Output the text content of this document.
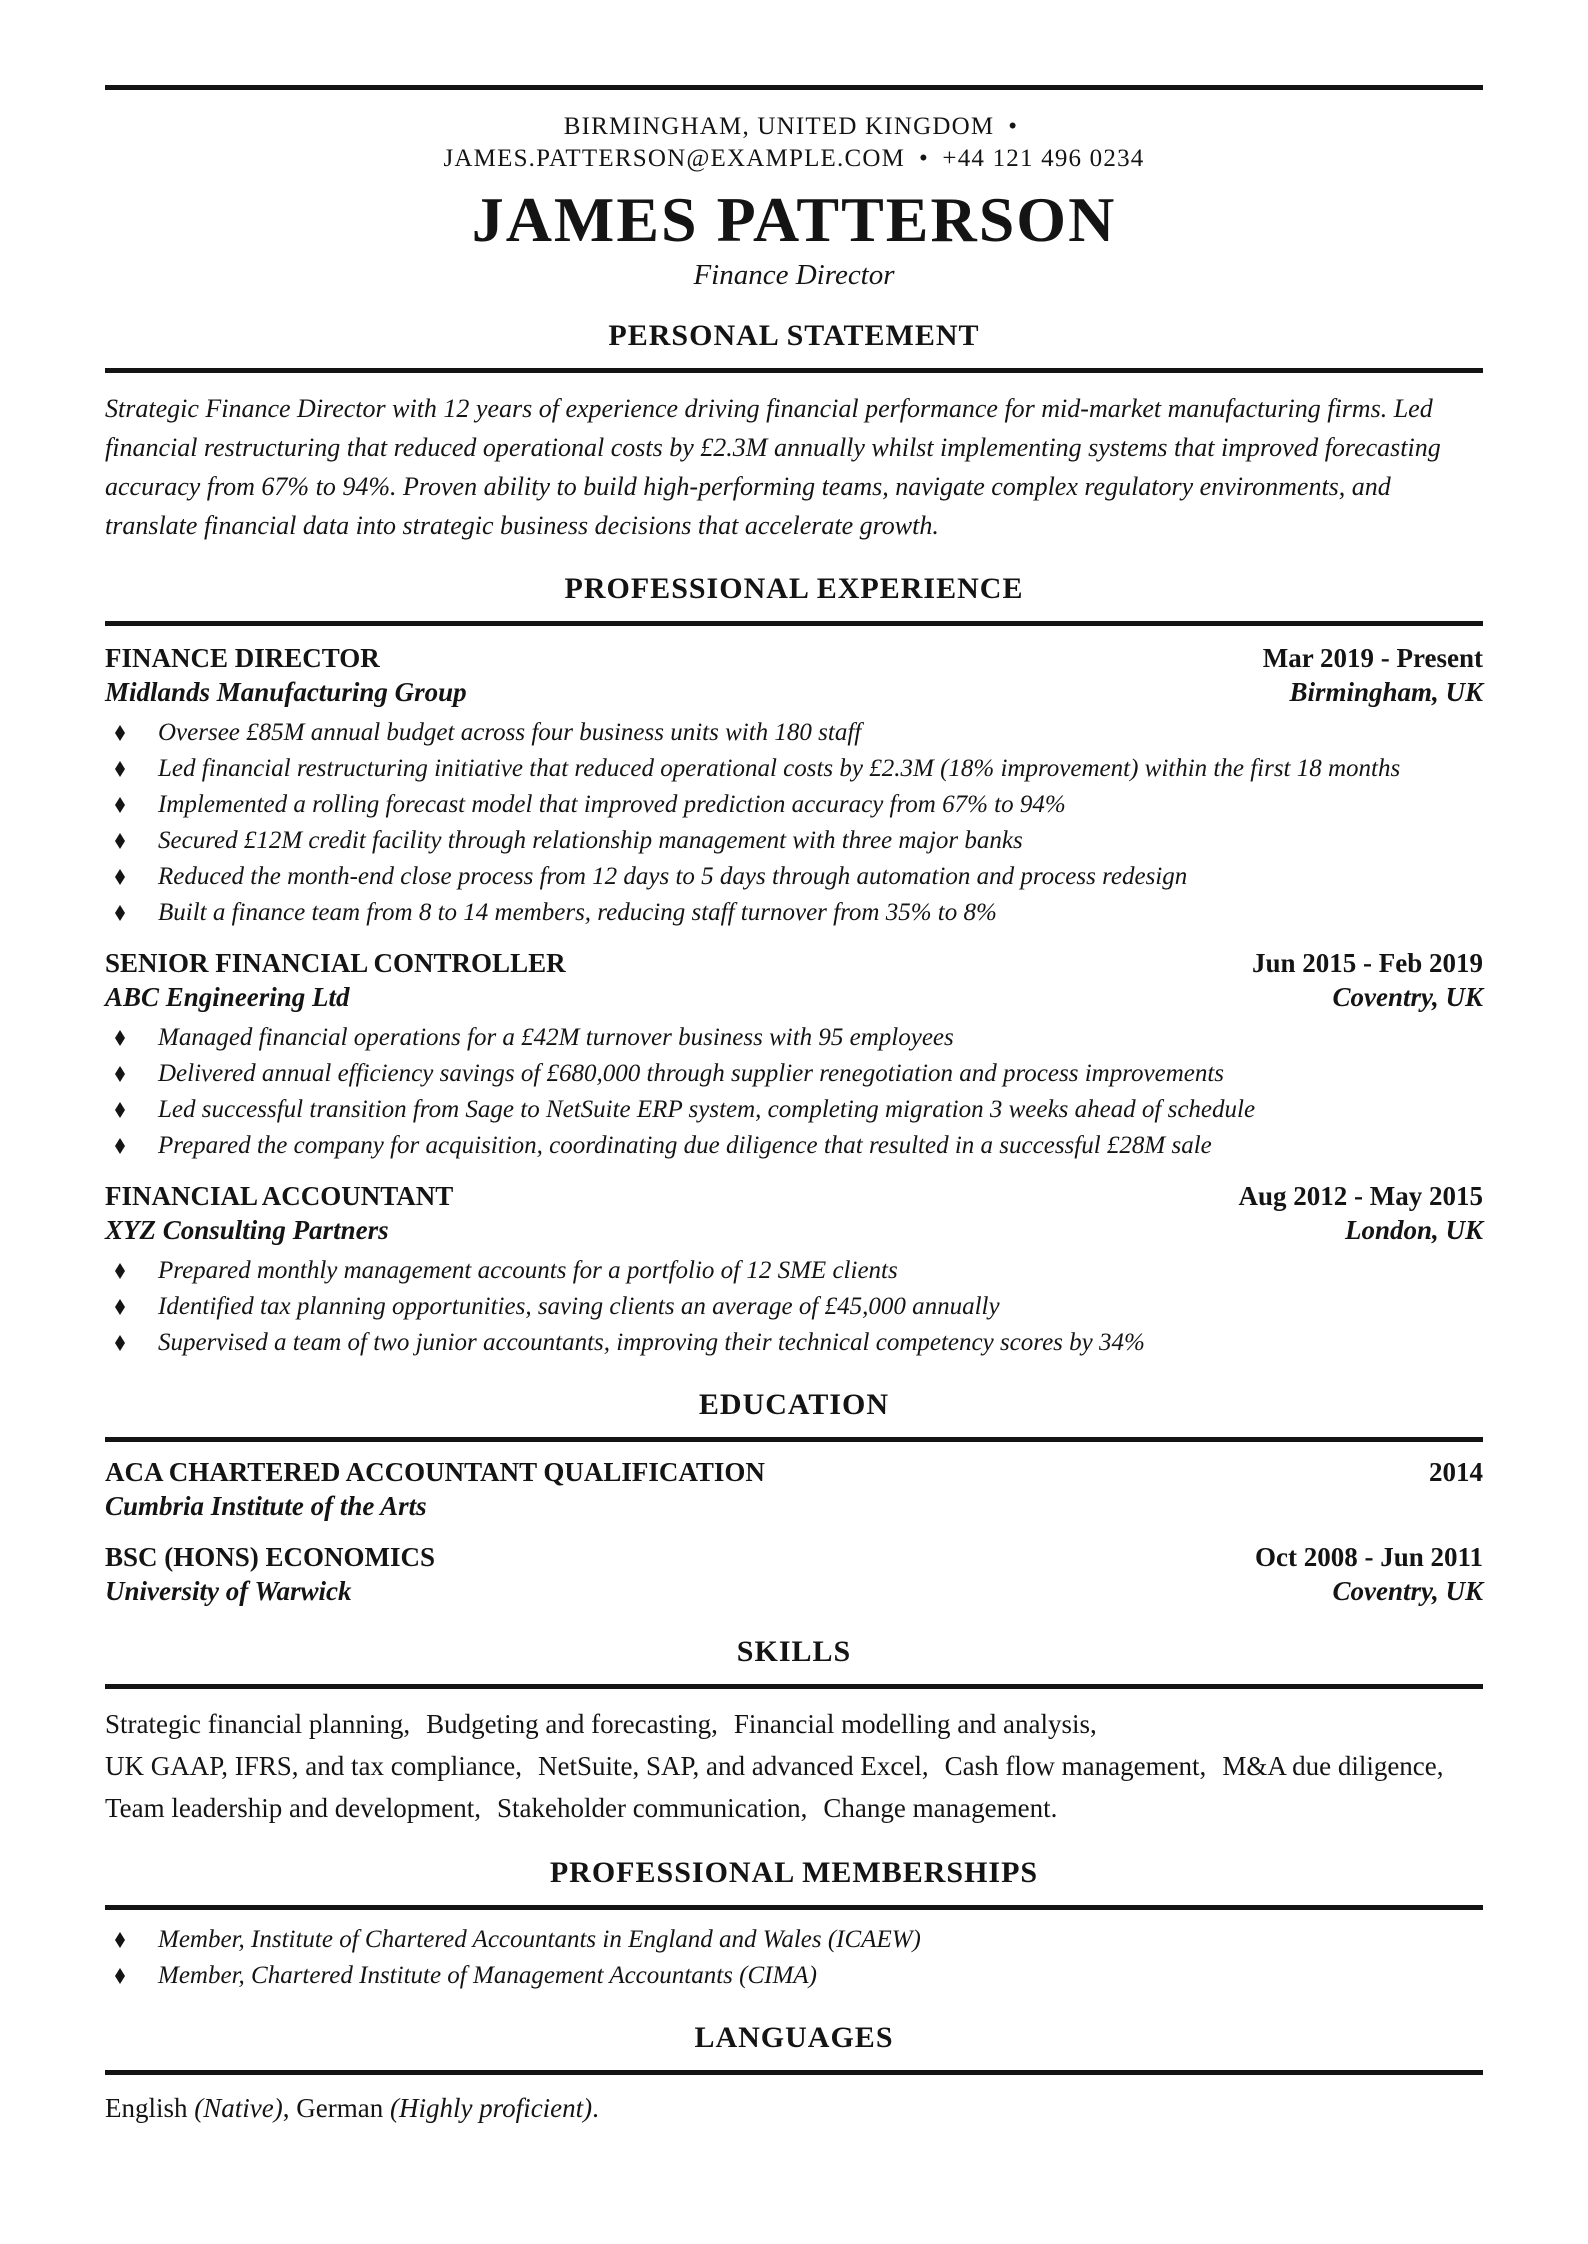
BIRMINGHAM, UNITED KINGDOM •
JAMES.PATTERSON@EXAMPLE.COM • +44 121 496 0234
JAMES PATTERSON
Finance Director
PERSONAL STATEMENT

Strategic Finance Director with 12 years of experience driving financial performance for mid-market manufacturing firms. Led financial restructuring that reduced operational costs by £2.3M annually whilst implementing systems that improved forecasting accuracy from 67% to 94%. Proven ability to build high-performing teams, navigate complex regulatory environments, and translate financial data into strategic business decisions that accelerate growth.

PROFESSIONAL EXPERIENCE
FINANCE DIRECTOR	Mar 2019 - Present
Midlands Manufacturing Group	Birmingham, UK
Oversee £85M annual budget across four business units with 180 staff
Led financial restructuring initiative that reduced operational costs by £2.3M (18% improvement) within the first 18 months
Implemented a rolling forecast model that improved prediction accuracy from 67% to 94%
Secured £12M credit facility through relationship management with three major banks
Reduced the month-end close process from 12 days to 5 days through automation and process redesign
Built a finance team from 8 to 14 members, reducing staff turnover from 35% to 8%
SENIOR FINANCIAL CONTROLLER	Jun 2015 - Feb 2019
ABC Engineering Ltd	Coventry, UK
Managed financial operations for a £42M turnover business with 95 employees
Delivered annual efficiency savings of £680,000 through supplier renegotiation and process improvements
Led successful transition from Sage to NetSuite ERP system, completing migration 3 weeks ahead of schedule
Prepared the company for acquisition, coordinating due diligence that resulted in a successful £28M sale
FINANCIAL ACCOUNTANT	Aug 2012 - May 2015
XYZ Consulting Partners	London, UK
Prepared monthly management accounts for a portfolio of 12 SME clients
Identified tax planning opportunities, saving clients an average of £45,000 annually
Supervised a team of two junior accountants, improving their technical competency scores by 34%
EDUCATION
ACA CHARTERED ACCOUNTANT QUALIFICATION	2014
Cumbria Institute of the Arts
BSC (HONS) ECONOMICS	Oct 2008 - Jun 2011
University of Warwick	Coventry, UK
SKILLS

Strategic financial planning, Budgeting and forecasting, Financial modelling and analysis,UK GAAP, IFRS, and tax compliance, NetSuite, SAP, and advanced Excel, Cash flow management, M&A due diligence,Team leadership and development, Stakeholder communication, Change management.

PROFESSIONAL MEMBERSHIPS
Member, Institute of Chartered Accountants in England and Wales (ICAEW)
Member, Chartered Institute of Management Accountants (CIMA)
LANGUAGES

English (Native), German (Highly proficient).
